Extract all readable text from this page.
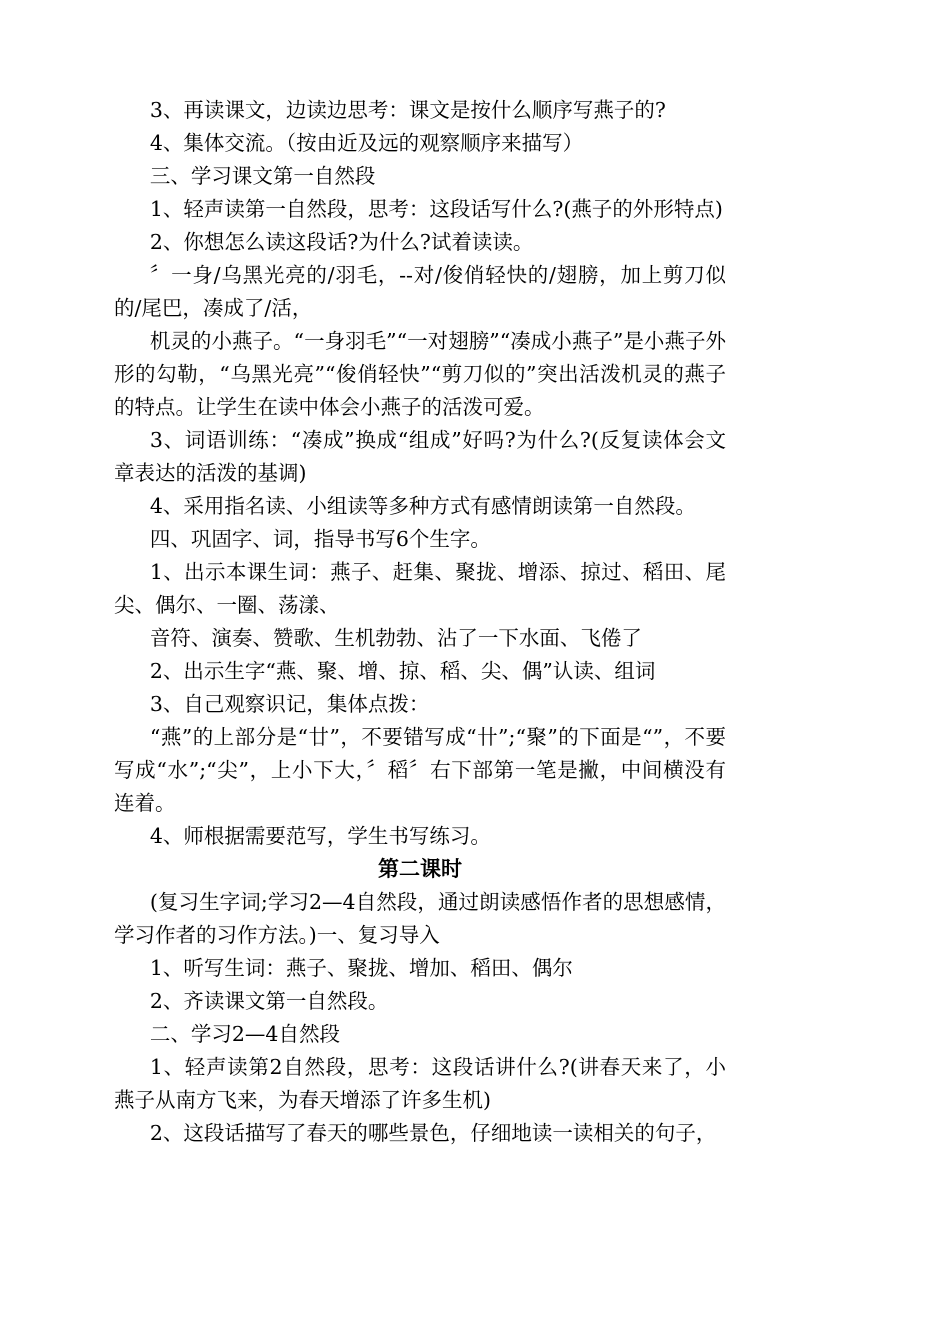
3、再读课文，边读边思考：课文是按什么顺序写燕子的?

4、集体交流。（按由近及远的观察顺序来描写）

三、学习课文第一自然段

1、轻声读第一自然段，思考：这段话写什么?(燕子的外形特点)

2、你想怎么读这段话?为什么?试着读读。

〞一身/乌黑光亮的/羽毛，--对/俊俏轻快的/翅膀，加上剪刀似的/尾巴，凑成了/活，

机灵的小燕子。“一身羽毛”“一对翅膀”“凑成小燕子”是小燕子外形的勾勒，“乌黑光亮”“俊俏轻快”“剪刀似的”突出活泼机灵的燕子的特点。让学生在读中体会小燕子的活泼可爱。

3、词语训练：“凑成”换成“组成”好吗?为什么?(反复读体会文章表达的活泼的基调)

4、采用指名读、小组读等多种方式有感情朗读第一自然段。

四、巩固字、词，指导书写6个生字。

1、出示本课生词：燕子、赶集、聚拢、增添、掠过、稻田、尾尖、偶尔、一圈、荡漾、

音符、演奏、赞歌、生机勃勃、沾了一下水面、飞倦了

2、出示生字“燕、聚、增、掠、稻、尖、偶”认读、组词

3、自己观察识记，集体点拨：

“燕”的上部分是“廿”，不要错写成“卄”;“聚”的下面是“”，不要写成“水”;“尖”，上小下大，〞稻〞右下部第一笔是撇，中间横没有连着。

4、师根据需要范写，学生书写练习。

第二课时

(复习生字词;学习2—4自然段，通过朗读感悟作者的思想感情，学习作者的习作方法。)一、复习导入

1、听写生词：燕子、聚拢、增加、稻田、偶尔

2、齐读课文第一自然段。

二、学习2—4自然段

1、轻声读第2自然段，思考：这段话讲什么?(讲春天来了，小燕子从南方飞来，为春天增添了许多生机)

2、这段话描写了春天的哪些景色，仔细地读一读相关的句子，
